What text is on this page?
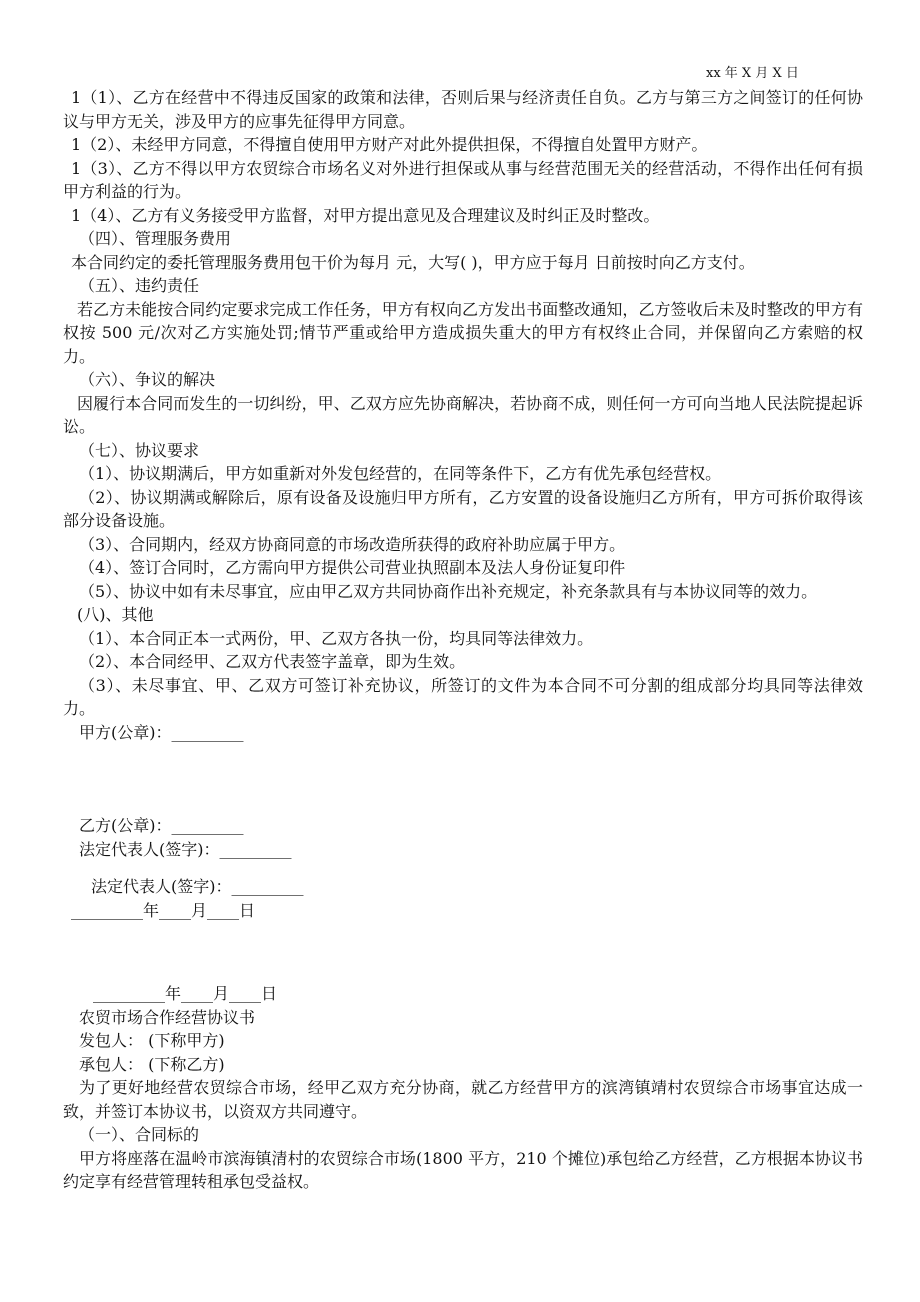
xx 年 X 月 X 日

1（1）、乙方在经营中不得违反国家的政策和法律，否则后果与经济责任自负。乙方与第三方之间签订的任何协议与甲方无关，涉及甲方的应事先征得甲方同意。

1（2）、未经甲方同意，不得擅自使用甲方财产对此外提供担保，不得擅自处置甲方财产。

1（3）、乙方不得以甲方农贸综合市场名义对外进行担保或从事与经营范围无关的经营活动，不得作出任何有损甲方利益的行为。

1（4）、乙方有义务接受甲方监督，对甲方提出意见及合理建议及时纠正及时整改。

（四）、管理服务费用

本合同约定的委托管理服务费用包干价为每月 元，大写( )，甲方应于每月 日前按时向乙方支付。

（五）、违约责任

若乙方未能按合同约定要求完成工作任务，甲方有权向乙方发出书面整改通知，乙方签收后未及时整改的甲方有权按 500 元/次对乙方实施处罚;情节严重或给甲方造成损失重大的甲方有权终止合同，并保留向乙方索赔的权力。

（六）、争议的解决

因履行本合同而发生的一切纠纷，甲、乙双方应先协商解决，若协商不成，则任何一方可向当地人民法院提起诉讼。

（七）、协议要求

（1）、协议期满后，甲方如重新对外发包经营的，在同等条件下，乙方有优先承包经营权。

（2）、协议期满或解除后，原有设备及设施归甲方所有，乙方安置的设备设施归乙方所有，甲方可拆价取得该部分设备设施。

（3）、合同期内，经双方协商同意的市场改造所获得的政府补助应属于甲方。

（4）、签订合同时，乙方需向甲方提供公司营业执照副本及法人身份证复印件

（5）、协议中如有未尽事宜，应由甲乙双方共同协商作出补充规定，补充条款具有与本协议同等的效力。

(八)、其他

（1）、本合同正本一式两份，甲、乙双方各执一份，均具同等法律效力。

（2）、本合同经甲、乙双方代表签字盖章，即为生效。

（3）、未尽事宜、甲、乙双方可签订补充协议，所签订的文件为本合同不可分割的组成部分均具同等法律效力。

甲方(公章)：_________

乙方(公章)：_________

法定代表人(签字)：_________

法定代表人(签字)：_________

_________年____月____日

_________年____月____日

农贸市场合作经营协议书

发包人： (下称甲方)

承包人： (下称乙方)

为了更好地经营农贸综合市场，经甲乙双方充分协商，就乙方经营甲方的滨湾镇靖村农贸综合市场事宜达成一致，并签订本协议书，以资双方共同遵守。

（一）、合同标的

甲方将座落在温岭市滨海镇清村的农贸综合市场(1800 平方，210 个摊位)承包给乙方经营，乙方根据本协议书约定享有经营管理转租承包受益权。
